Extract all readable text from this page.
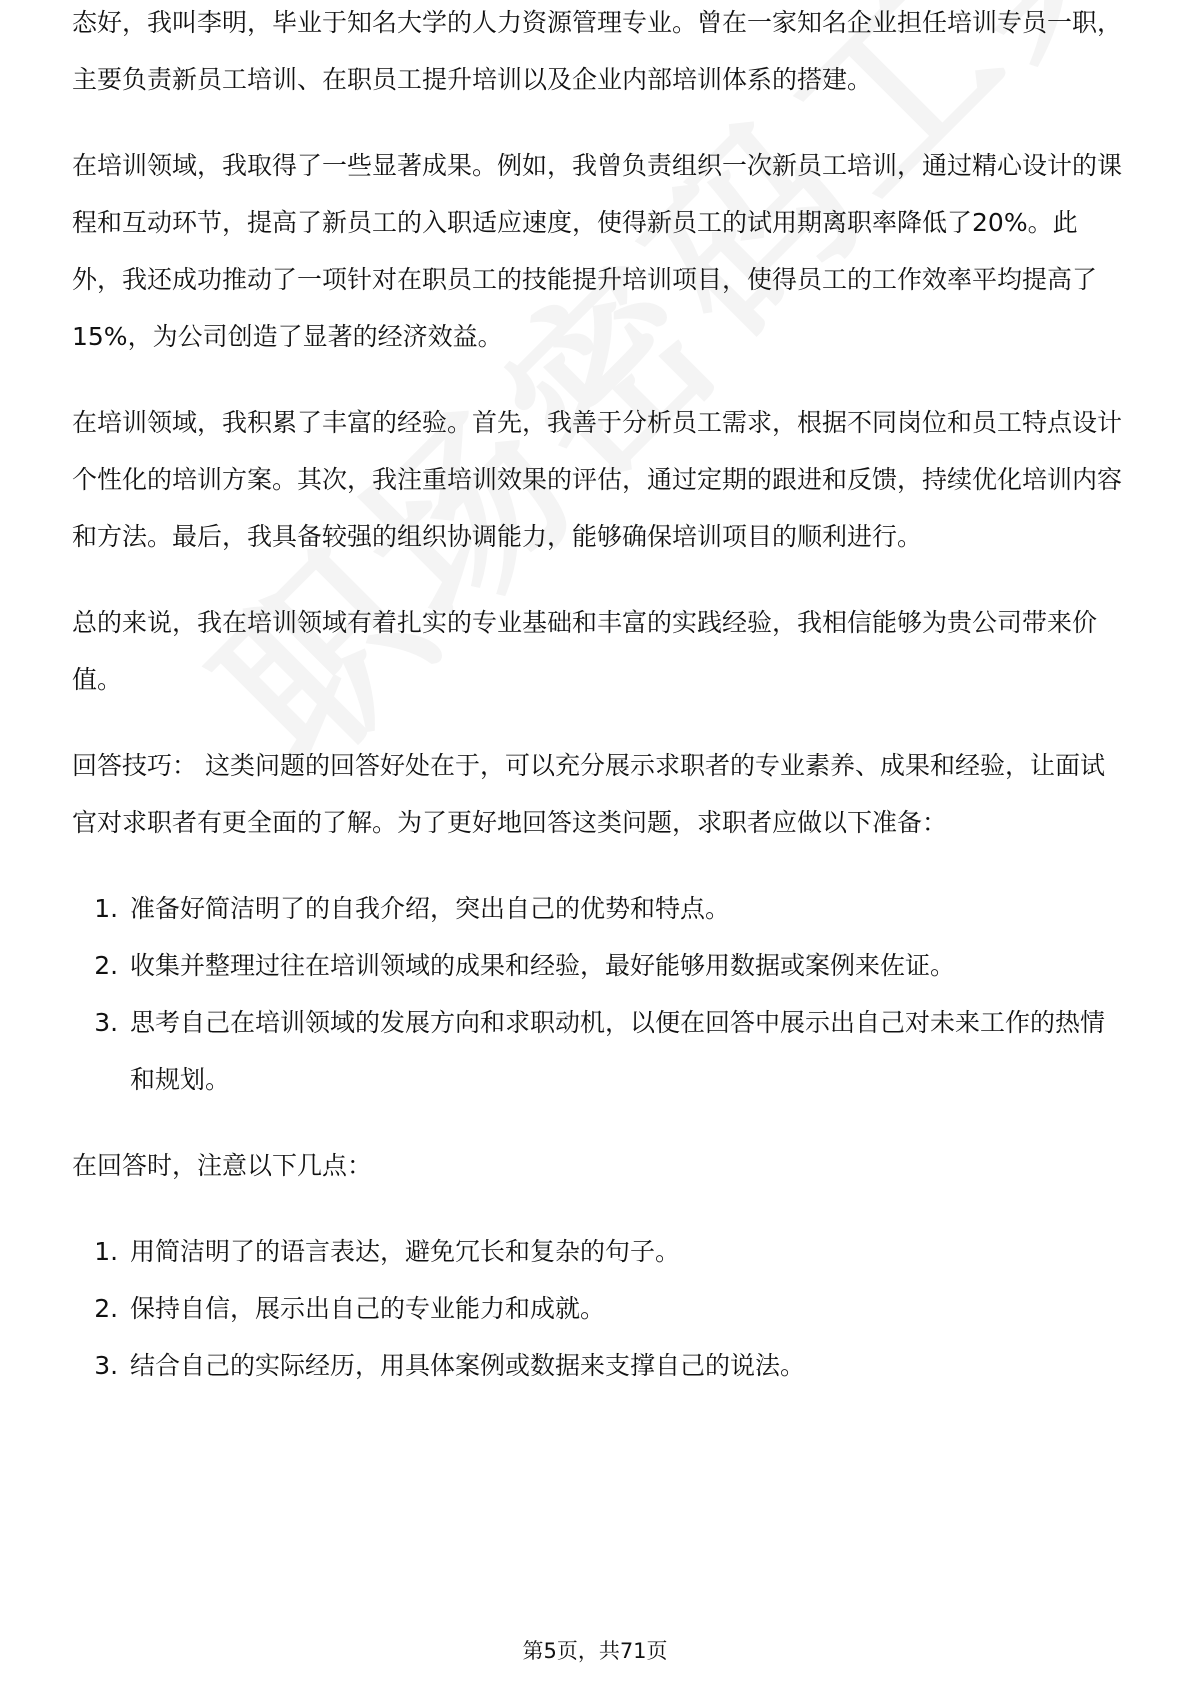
态好，我叫李明，毕业于知名大学的人力资源管理专业。曾在一家知名企业担任培训专员一职，主要负责新员工培训、在职员工提升培训以及企业内部培训体系的搭建。

在培训领域，我取得了一些显著成果。例如，我曾负责组织一次新员工培训，通过精心设计的课程和互动环节，提高了新员工的入职适应速度，使得新员工的试用期离职率降低了20%。此外，我还成功推动了一项针对在职员工的技能提升培训项目，使得员工的工作效率平均提高了15%，为公司创造了显著的经济效益。

在培训领域，我积累了丰富的经验。首先，我善于分析员工需求，根据不同岗位和员工特点设计个性化的培训方案。其次，我注重培训效果的评估，通过定期的跟进和反馈，持续优化培训内容和方法。最后，我具备较强的组织协调能力，能够确保培训项目的顺利进行。

总的来说，我在培训领域有着扎实的专业基础和丰富的实践经验，我相信能够为贵公司带来价值。

回答技巧： 这类问题的回答好处在于，可以充分展示求职者的专业素养、成果和经验，让面试官对求职者有更全面的了解。为了更好地回答这类问题，求职者应做以下准备：

1. 准备好简洁明了的自我介绍，突出自己的优势和特点。
2. 收集并整理过往在培训领域的成果和经验，最好能够用数据或案例来佐证。
3. 思考自己在培训领域的发展方向和求职动机，以便在回答中展示出自己对未来工作的热情和规划。

在回答时，注意以下几点：

1. 用简洁明了的语言表达，避免冗长和复杂的句子。
2. 保持自信，展示出自己的专业能力和成就。
3. 结合自己的实际经历，用具体案例或数据来支撑自己的说法。
第5页，共71页
